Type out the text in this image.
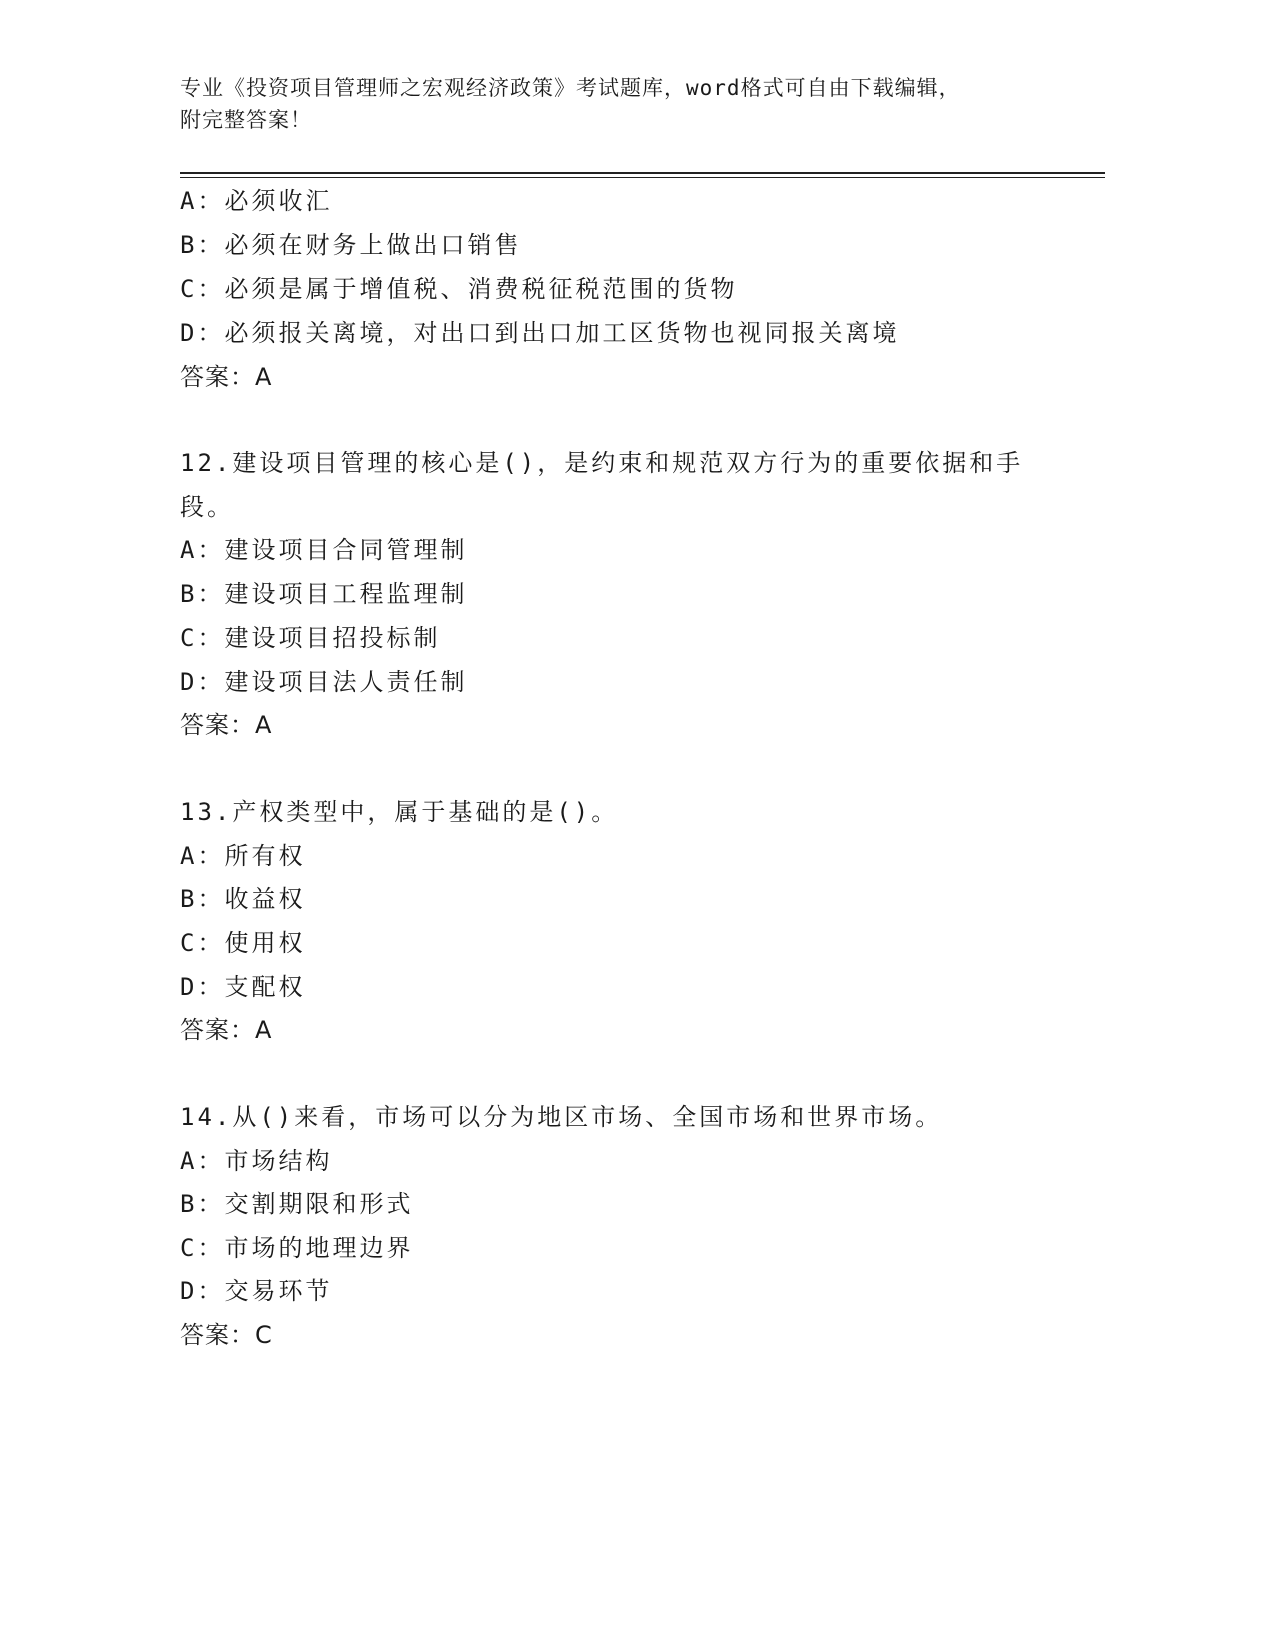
专业《投资项目管理师之宏观经济政策》考试题库，word格式可自由下载编辑，
附完整答案！
A：必须收汇
B：必须在财务上做出口销售
C：必须是属于增值税、消费税征税范围的货物
D：必须报关离境，对出口到出口加工区货物也视同报关离境
答案：A
12.建设项目管理的核心是()，是约束和规范双方行为的重要依据和手
段。
A：建设项目合同管理制
B：建设项目工程监理制
C：建设项目招投标制
D：建设项目法人责任制
答案：A
13.产权类型中，属于基础的是()。
A：所有权
B：收益权
C：使用权
D：支配权
答案：A
14.从()来看，市场可以分为地区市场、全国市场和世界市场。
A：市场结构
B：交割期限和形式
C：市场的地理边界
D：交易环节
答案：C
